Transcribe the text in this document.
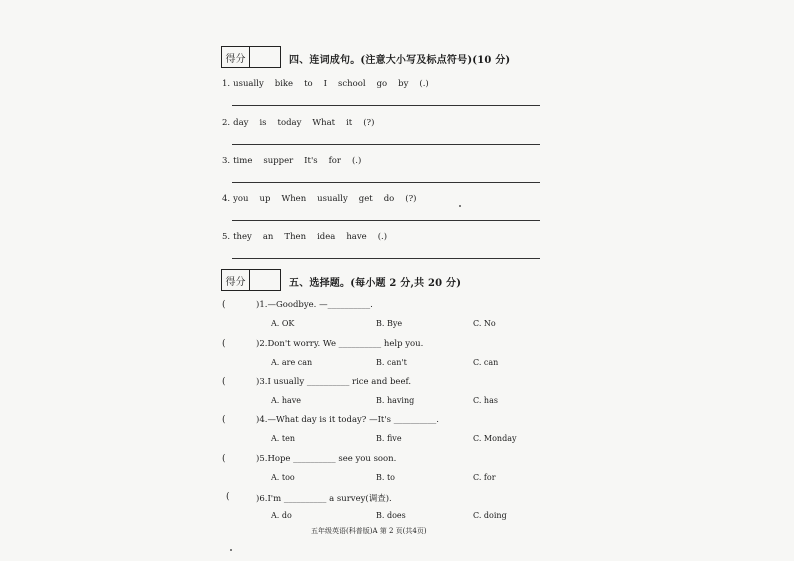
得分	四、连词成句。(注意大小写及标点符号)(10 分)
1. usually bike to I school go by (.)
2. day is today What it (?)
3. time supper It's for (.)
4. you up When usually get do (?)
5. they an Then idea have (.)
得分	五、选择题。(每小题 2 分,共 20 分)
(	)1.—Goodbye. —__________.
A. OK	B. Bye	C. No
(	)2.Don't worry. We __________ help you.
A. are can	B. can't	C. can
(	)3.I usually __________ rice and beef.
A. have	B. having	C. has
(	)4.—What day is it today? —It's __________.
A. ten	B. five	C. Monday
(	)5.Hope __________ see you soon.
A. too	B. to	C. for
(	)6.I'm __________ a survey(调查).
A. do	B. does	C. doing
五年级英语(科普版)A 第 2 页(共4页)
